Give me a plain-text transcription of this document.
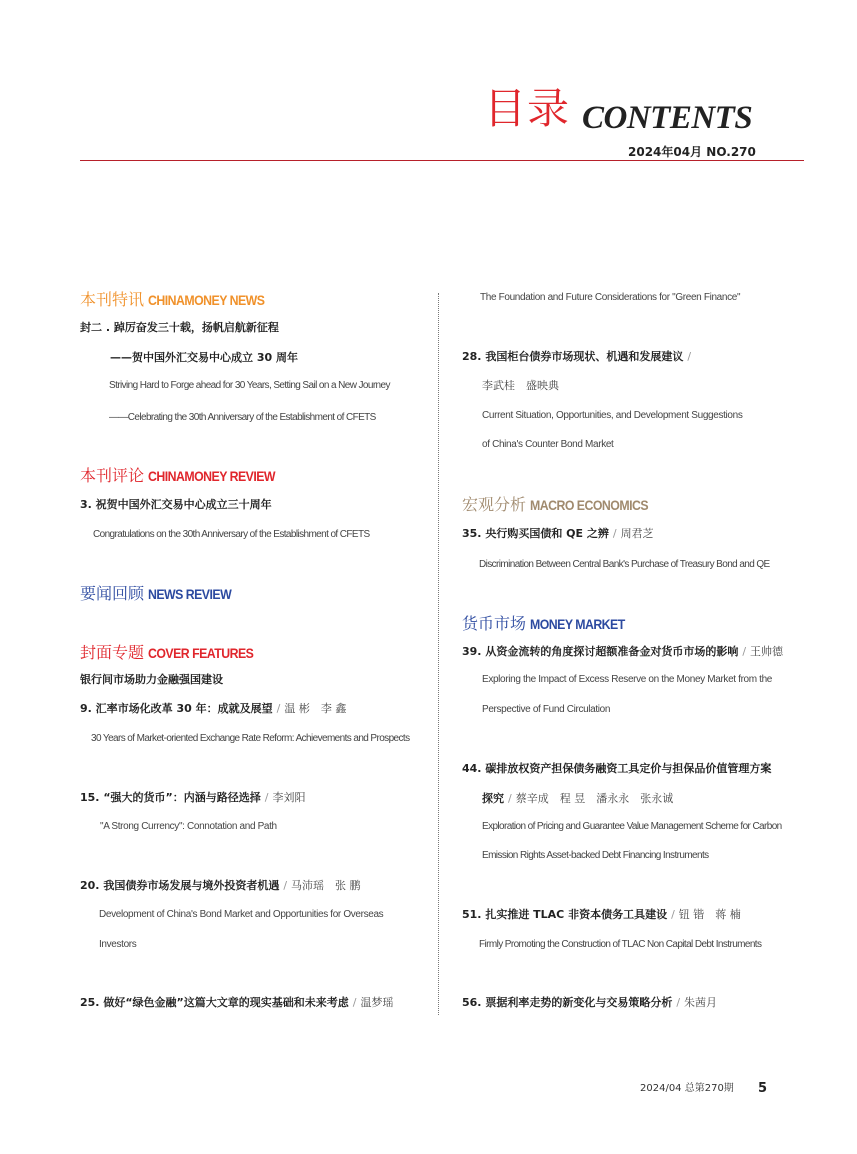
目录 CONTENTS
2024年04月 NO.270
本刊特讯 CHINAMONEY NEWS
封二 . 踔厉奋发三十载，扬帆启航新征程
——贺中国外汇交易中心成立 30 周年
Striving Hard to Forge ahead for 30 Years, Setting Sail on a New Journey
——Celebrating the 30th Anniversary of the Establishment of CFETS
本刊评论 CHINAMONEY REVIEW
3. 祝贺中国外汇交易中心成立三十周年
Congratulations on the 30th Anniversary of the Establishment of CFETS
要闻回顾 NEWS REVIEW
封面专题 COVER FEATURES
银行间市场助力金融强国建设
9. 汇率市场化改革 30 年：成就及展望 / 温 彬　李 鑫
30 Years of Market-oriented Exchange Rate Reform: Achievements and Prospects
15. “强大的货币”：内涵与路径选择 / 李刘阳
"A Strong Currency": Connotation and Path
20. 我国债券市场发展与境外投资者机遇 / 马沛瑶　张 鹏
Development of China's Bond Market and Opportunities for Overseas
Investors
25. 做好“绿色金融”这篇大文章的现实基础和未来考虑 / 温梦瑶
The Foundation and Future Considerations for "Green Finance"
28. 我国柜台债券市场现状、机遇和发展建议 /
李武桂　盛映典
Current Situation, Opportunities, and Development Suggestions
of China's Counter Bond Market
宏观分析 MACRO ECONOMICS
35. 央行购买国债和 QE 之辨 / 周君芝
Discrimination Between Central Bank's Purchase of Treasury Bond and QE
货币市场 MONEY MARKET
39. 从资金流转的角度探讨超额准备金对货币市场的影响 / 王帅德
Exploring the Impact of Excess Reserve on the Money Market from the
Perspective of Fund Circulation
44. 碳排放权资产担保债务融资工具定价与担保品价值管理方案
探究 / 蔡辛成　程 昱　潘永永　张永诚
Exploration of Pricing and Guarantee Value Management Scheme for Carbon
Emission Rights Asset-backed Debt Financing Instruments
51. 扎实推进 TLAC 非资本债务工具建设 / 钮 锴　蒋 楠
Firmly Promoting the Construction of TLAC Non Capital Debt Instruments
56. 票据利率走势的新变化与交易策略分析 / 朱茜月
2024/04 总第270期 5
